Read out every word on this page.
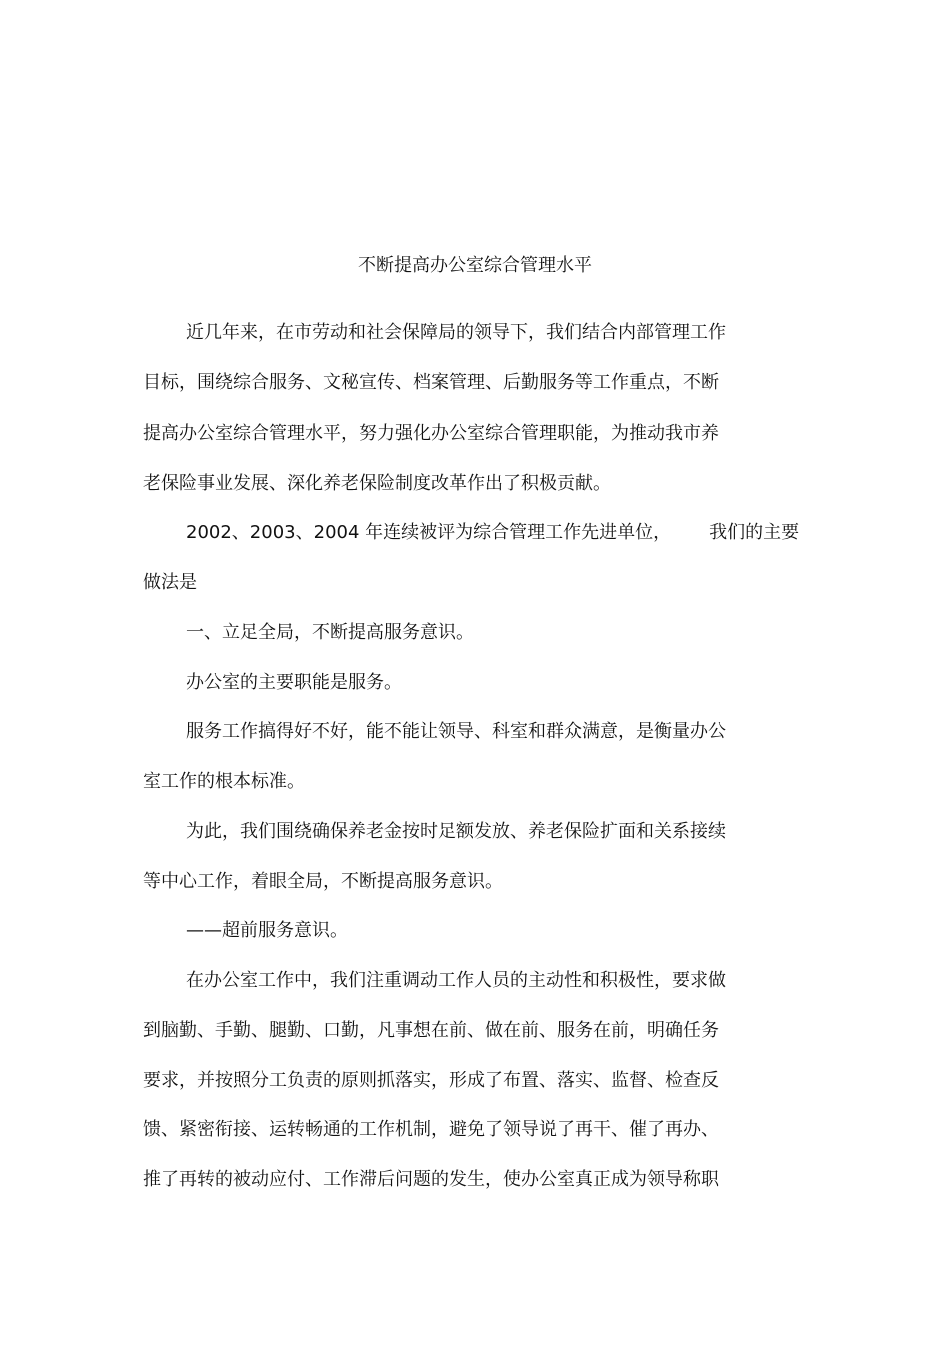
不断提高办公室综合管理水平
近几年来，在市劳动和社会保障局的领导下，我们结合内部管理工作
目标，围绕综合服务、文秘宣传、档案管理、后勤服务等工作重点，不断
提高办公室综合管理水平，努力强化办公室综合管理职能，为推动我市养
老保险事业发展、深化养老保险制度改革作出了积极贡献。
2002、2003、2004 年连续被评为综合管理工作先进单位， 我们的主要
做法是
一、立足全局，不断提高服务意识。
办公室的主要职能是服务。
服务工作搞得好不好，能不能让领导、科室和群众满意，是衡量办公
室工作的根本标准。
为此，我们围绕确保养老金按时足额发放、养老保险扩面和关系接续
等中心工作，着眼全局，不断提高服务意识。
——超前服务意识。
在办公室工作中，我们注重调动工作人员的主动性和积极性，要求做
到脑勤、手勤、腿勤、口勤，凡事想在前、做在前、服务在前，明确任务
要求，并按照分工负责的原则抓落实，形成了布置、落实、监督、检查反
馈、紧密衔接、运转畅通的工作机制，避免了领导说了再干、催了再办、
推了再转的被动应付、工作滞后问题的发生，使办公室真正成为领导称职
